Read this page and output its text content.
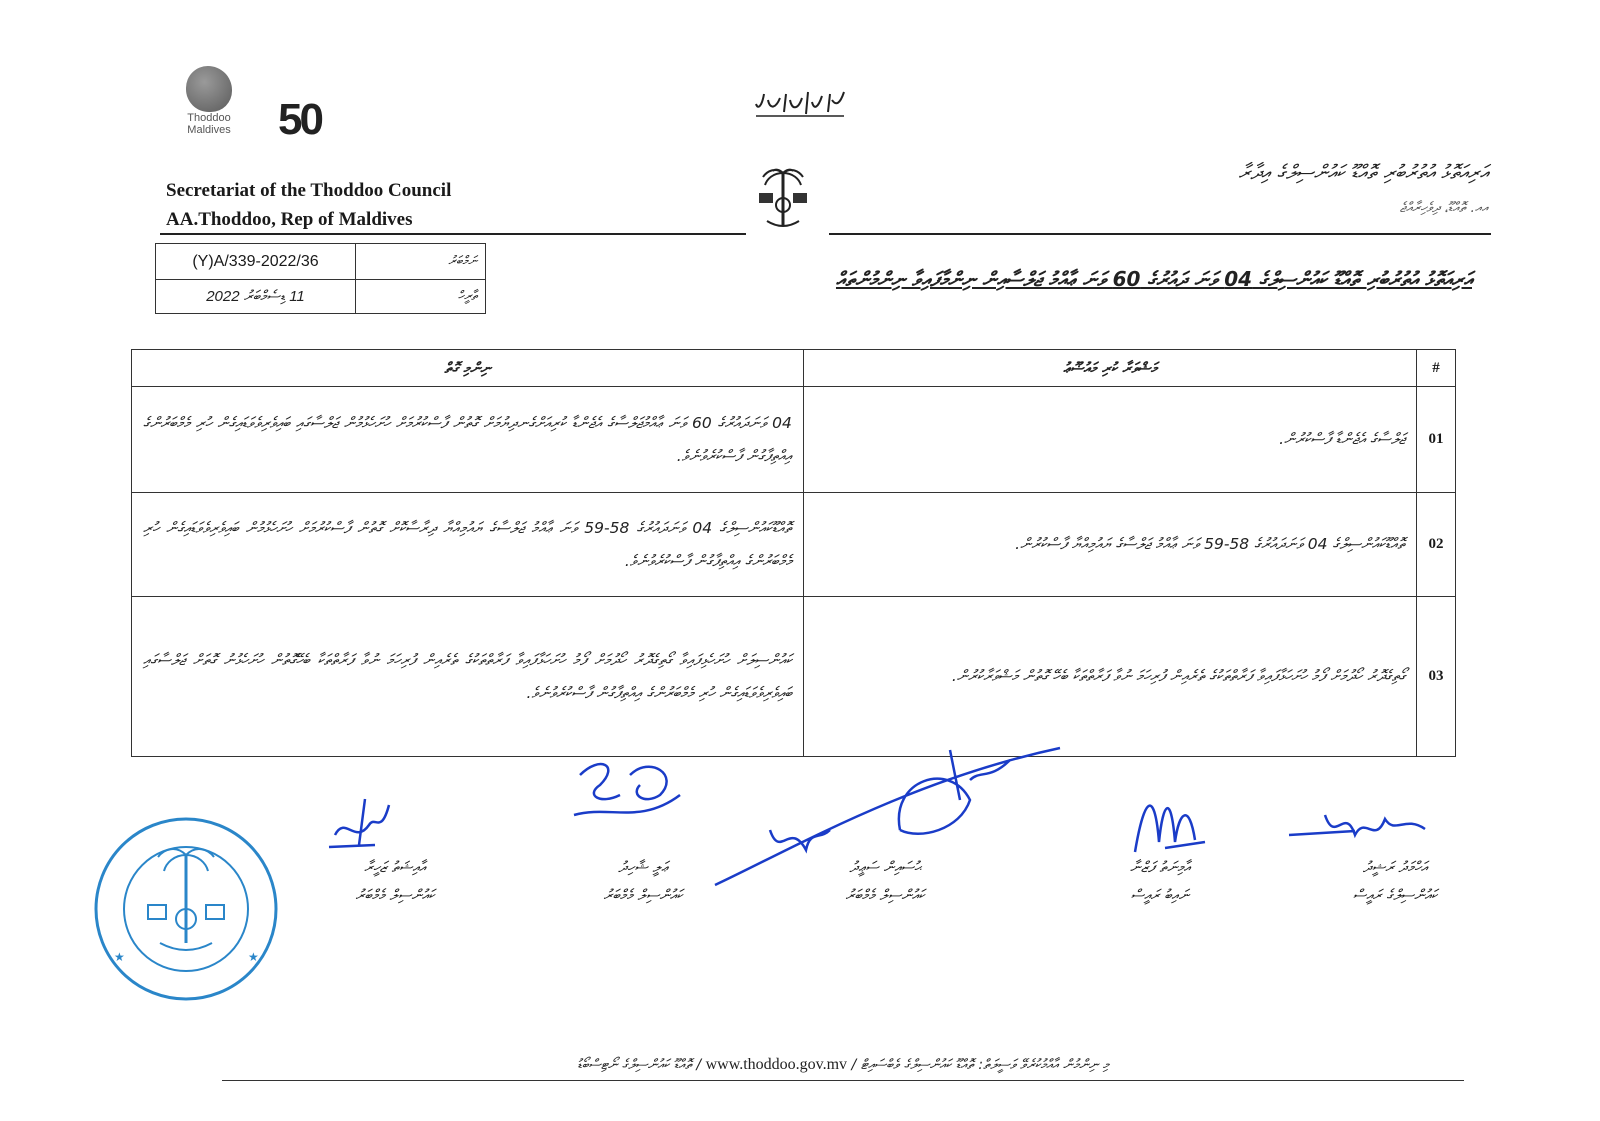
Thoddoo
Maldives 50
Secretariat of the Thoddoo Council
AA.Thoddoo, Rep of Maldives
އަރިއަތޮޅު އުތުރުބުރި ތޮއްޑޫ ކައުންސިލްގެ އިދާރާ
އއ. ތޮއްޑޫ، ދިވެހިރާއްޖެ
(Y)A/339-2022/36	ނަމްބަރު
11 ޑިސެމްބަރު 2022	ތާރީހް
އަރިއަތޮޅު އުތުރުބުރި ތޮއްޑޫ ކައުންސިލްގެ 04 ވަނަ ދައުރުގެ 60 ވަނަ ޢާއްމު ޖަލްސާއިން ނިންމާފައިވާ ނިންމުންތައް
ނިންމި ގޮތް	މަޝްވަރާ ކުރި މައުޟޫޢު	#

04 ވަނަދައުރުގެ 60 ވަނަ ޢާއްމުޖަލްސާގެ އެޖެންޑާ ކުރިއަށްގެނދިޔުމަށް ގޮތުން ފާސްކުރުމަށް ހުށަހެޅުމުން ޖަލްސާގައި ބައިވެރިވެވަޑައިގެން ހުރި މެމްބަރުންގެ އިއްތިފާގުން ފާސްކުރެވުނެވެ.	ޖަލްސާގެ އެޖެންޑާ ފާސްކުރުން.	01

ތޮއްޑޫކައުންސިލްގެ 04 ވަނަދައުރުގެ 58-59 ވަނަ ޢާއްމު ޖަލްސާގެ ޔައުމިއްޔާ ދިރާސާކޮށް ގޮތުން ފާސްކުރުމަށް ހުށަހެޅުމުން ބައިވެރިވެވަޑައިގެން ހުރި މެމްބަރުންގެ އިއްތިފާގުން ފާސްކުރެވުނެވެ.	ތޮއްޑޫކައުންސިލްގެ 04 ވަނަދައުރުގެ 58-59 ވަނަ ޢާއްމު ޖަލްސާގެ ޔައުމިއްޔާ ފާސްކުރުން.	02

ކައުންސިލަށް ހުށަހެޅިފައިވާ ގޯތިގެދޮރު ހޯދުމަށް ފޯމު ހުށަހަޅާފައިވާ ފަރާތްތަކުގެ ތެރެއިން ފުރިހަމަ ނުވާ ފަރާތްތަކާ ބެހޭގޮތުން ހުށަހެޅުނު ގޮތަށް ޖަލްސާގައި ބައިވެރިވެވަޑައިގެން ހުރި މެމްބަރުންގެ އިއްތިފާގުން ފާސްކުރެވުނެވެ.	ގޯތިގެދޮރު ހޯދުމަށް ފޯމު ހުށަހަޅާފައިވާ ފަރާތްތަކުގެ ތެރެއިން ފުރިހަމަ ނުވާ ފަރާތްތަކާ ބެހޭ ގޮތުން މަޝްވަރާކުރުން.	03
އަހްމަދު ރަޝީދު
ކައުންސިލްގެ ރައީސް
އާމިނަތު ފަޒްނާ
ނައިބު ރައީސް
ޙުސައިން ސަޢީދު
ކައުންސިލް މެމްބަރު
ޢަލީ ޝާހިދު
ކައުންސިލް މެމްބަރު
އާއިޝަތު ޒަހީރާ
ކައުންސިލް މެމްބަރު
★	★
މި ނިންމުން އާއްމުކުރެވޭ ވަސީލަތް: ތޮއްޑޫ ކައުންސިލްގެ ވެބްސައިޓް / www.thoddoo.gov.mv / ތޮއްޑޫ ކައުންސިލްގެ ނޯޓިސްބޯޑު
